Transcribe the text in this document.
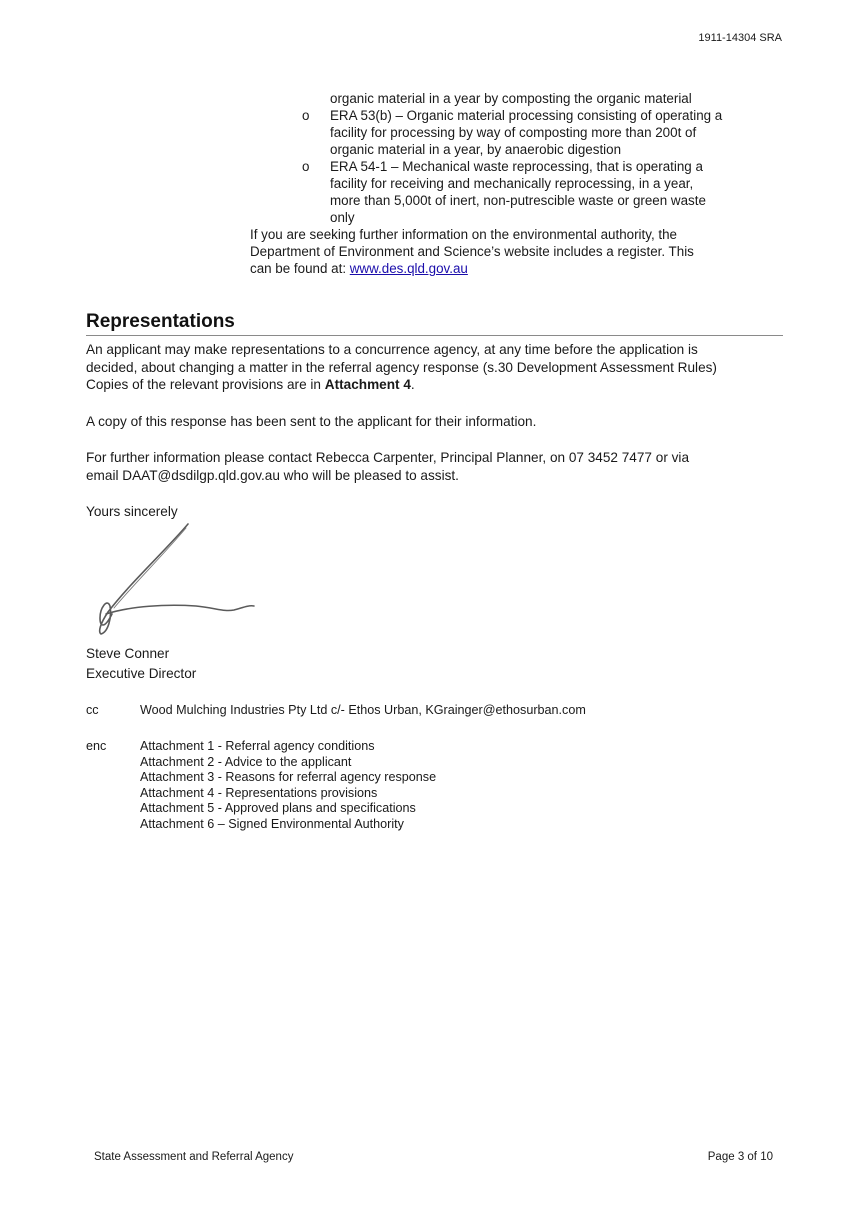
1911-14304 SRA
organic material in a year by composting the organic material
o ERA 53(b) – Organic material processing consisting of operating a
facility for processing by way of composting more than 200t of
organic material in a year, by anaerobic digestion
o ERA 54-1 – Mechanical waste reprocessing, that is operating a
facility for receiving and mechanically reprocessing, in a year,
more than 5,000t of inert, non-putrescible waste or green waste
only
If you are seeking further information on the environmental authority, the
Department of Environment and Science’s website includes a register. This
can be found at: www.des.qld.gov.au
Representations

An applicant may make representations to a concurrence agency, at any time before the application is
decided, about changing a matter in the referral agency response (s.30 Development Assessment Rules)
Copies of the relevant provisions are in Attachment 4.

A copy of this response has been sent to the applicant for their information.

For further information please contact Rebecca Carpenter, Principal Planner, on 07 3452 7477 or via
email DAAT@dsdilgp.qld.gov.au who will be pleased to assist.

Yours sincerely

Steve Conner
Executive Director
cc	Wood Mulching Industries Pty Ltd c/- Ethos Urban, KGrainger@ethosurban.com
enc	Attachment 1 - Referral agency conditions
Attachment 2 - Advice to the applicant
Attachment 3 - Reasons for referral agency response
Attachment 4 - Representations provisions
Attachment 5 - Approved plans and specifications
Attachment 6 – Signed Environmental Authority
State Assessment and Referral Agency	Page 3 of 10
